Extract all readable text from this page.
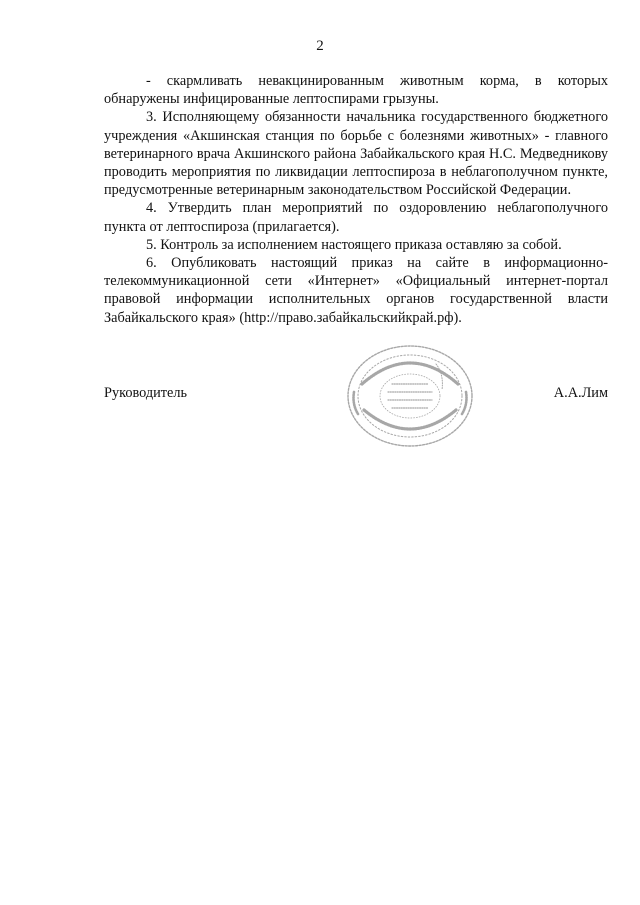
2

- скармливать невакцинированным животным корма, в которых обнаружены инфицированные лептоспирами грызуны.

3. Исполняющему обязанности начальника государственного бюджетного учреждения «Акшинская станция по борьбе с болезнями животных» - главного ветеринарного врача Акшинского района Забайкальского края Н.С. Медведникову проводить мероприятия по ликвидации лептоспироза в неблагополучном пункте, предусмотренные ветеринарным законодательством Российской Федерации.

4. Утвердить план мероприятий по оздоровлению неблагополучного пункта от лептоспироза (прилагается).

5. Контроль за исполнением настоящего приказа оставляю за собой.

6. Опубликовать настоящий приказ на сайте в информационно-телекоммуникационной сети «Интернет» «Официальный интернет-портал правовой информации исполнительных органов государственной власти Забайкальского края» (http://право.забайкальскийкрай.рф).

Руководитель	А.А.Лим
